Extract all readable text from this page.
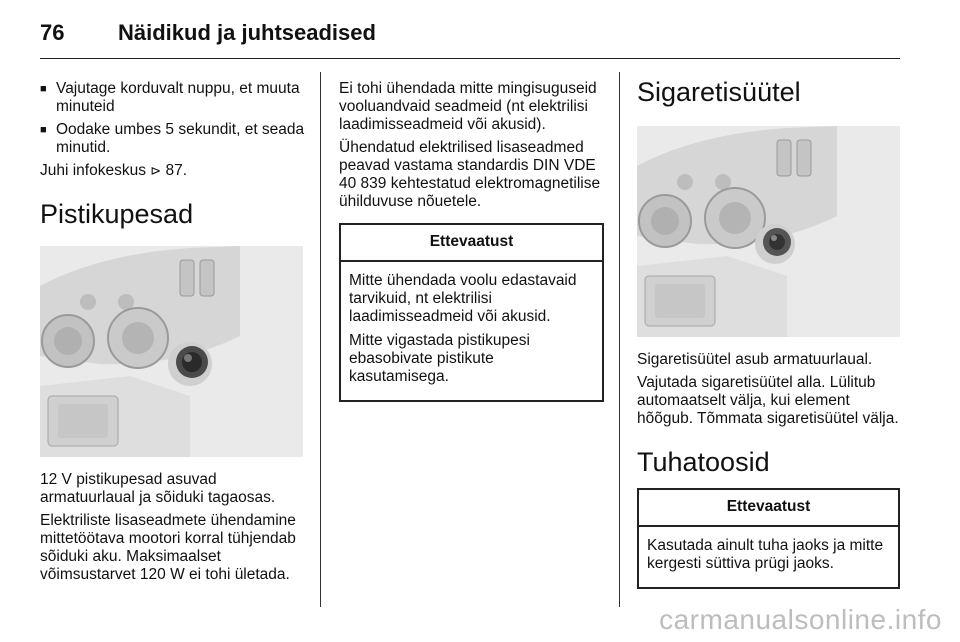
76 Näidikud ja juhtseadised
■ Vajutage korduvalt nuppu, et muuta minuteid
■ Oodake umbes 5 sekundit, et seada minutid.

Juhi infokeskus ⊳ 87.

Pistikupesad

12 V pistikupesad asuvad armatuurlaual ja sõiduki tagaosas.

Elektriliste lisaseadmete ühendamine mittetöötava mootori korral tühjendab sõiduki aku. Maksimaalset võimsustarvet 120 W ei tohi ületada.

Ei tohi ühendada mitte mingisuguseid vooluandvaid seadmeid (nt elektrilisi laadimisseadmeid või akusid).

Ühendatud elektrilised lisaseadmed peavad vastama standardis DIN VDE 40 839 kehtestatud elektromagnetilise ühilduvuse nõuetele.

Ettevaatust

Mitte ühendada voolu edastavaid tarvikuid, nt elektrilisi laadimisseadmeid või akusid.

Mitte vigastada pistikupesi ebasobivate pistikute kasutamisega.

Sigaretisüütel

Sigaretisüütel asub armatuurlaual.

Vajutada sigaretisüütel alla. Lülitub automaatselt välja, kui element hõõgub. Tõmmata sigaretisüütel välja.

Tuhatoosid
Ettevaatust

Kasutada ainult tuha jaoks ja mitte kergesti süttiva prügi jaoks.

carmanualsonline.info
